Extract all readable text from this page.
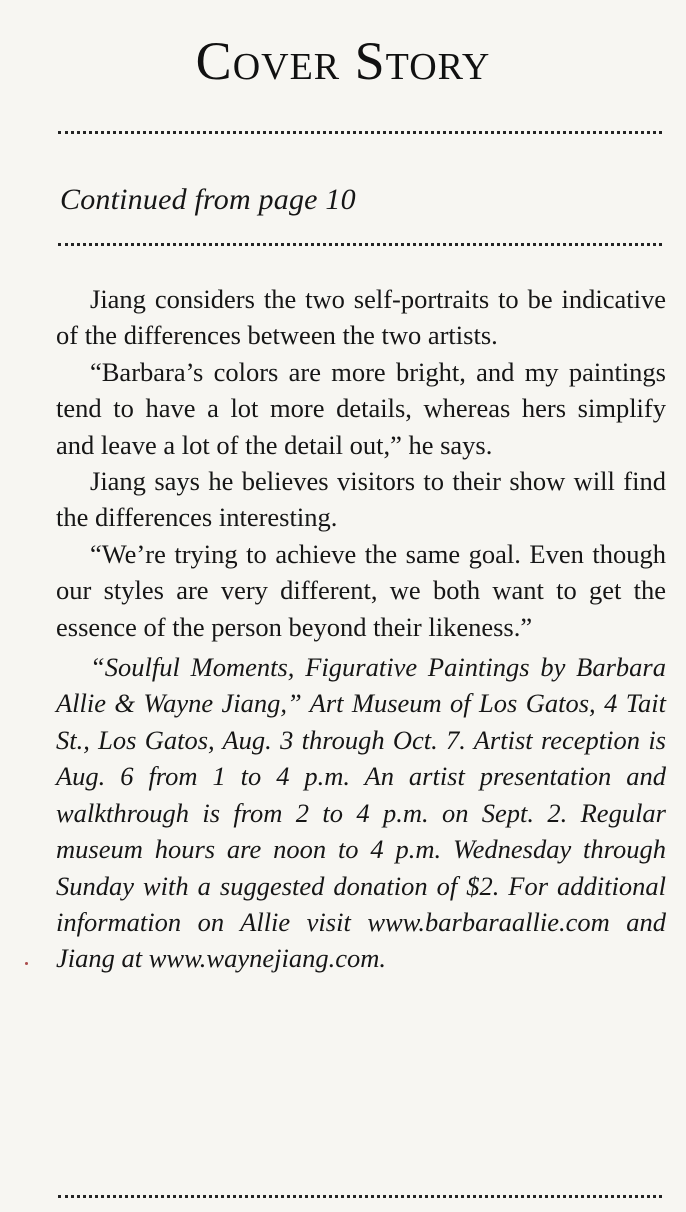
Cover Story
Continued from page 10

Jiang considers the two self-portraits to be indicative of the differences between the two artists.

“Barbara’s colors are more bright, and my paintings tend to have a lot more details, whereas hers simplify and leave a lot of the detail out,” he says.

Jiang says he believes visitors to their show will find the differences interesting.

“We’re trying to achieve the same goal. Even though our styles are very different, we both want to get the essence of the person beyond their likeness.”

“Soulful Moments, Figurative Paintings by Barbara Allie & Wayne Jiang,” Art Museum of Los Gatos, 4 Tait St., Los Gatos, Aug. 3 through Oct. 7. Artist reception is Aug. 6 from 1 to 4 p.m. An artist presentation and walkthrough is from 2 to 4 p.m. on Sept. 2. Regular museum hours are noon to 4 p.m. Wednesday through Sunday with a suggested donation of $2. For additional information on Allie visit www.barbaraallie.com and Jiang at www.waynejiang.com.
